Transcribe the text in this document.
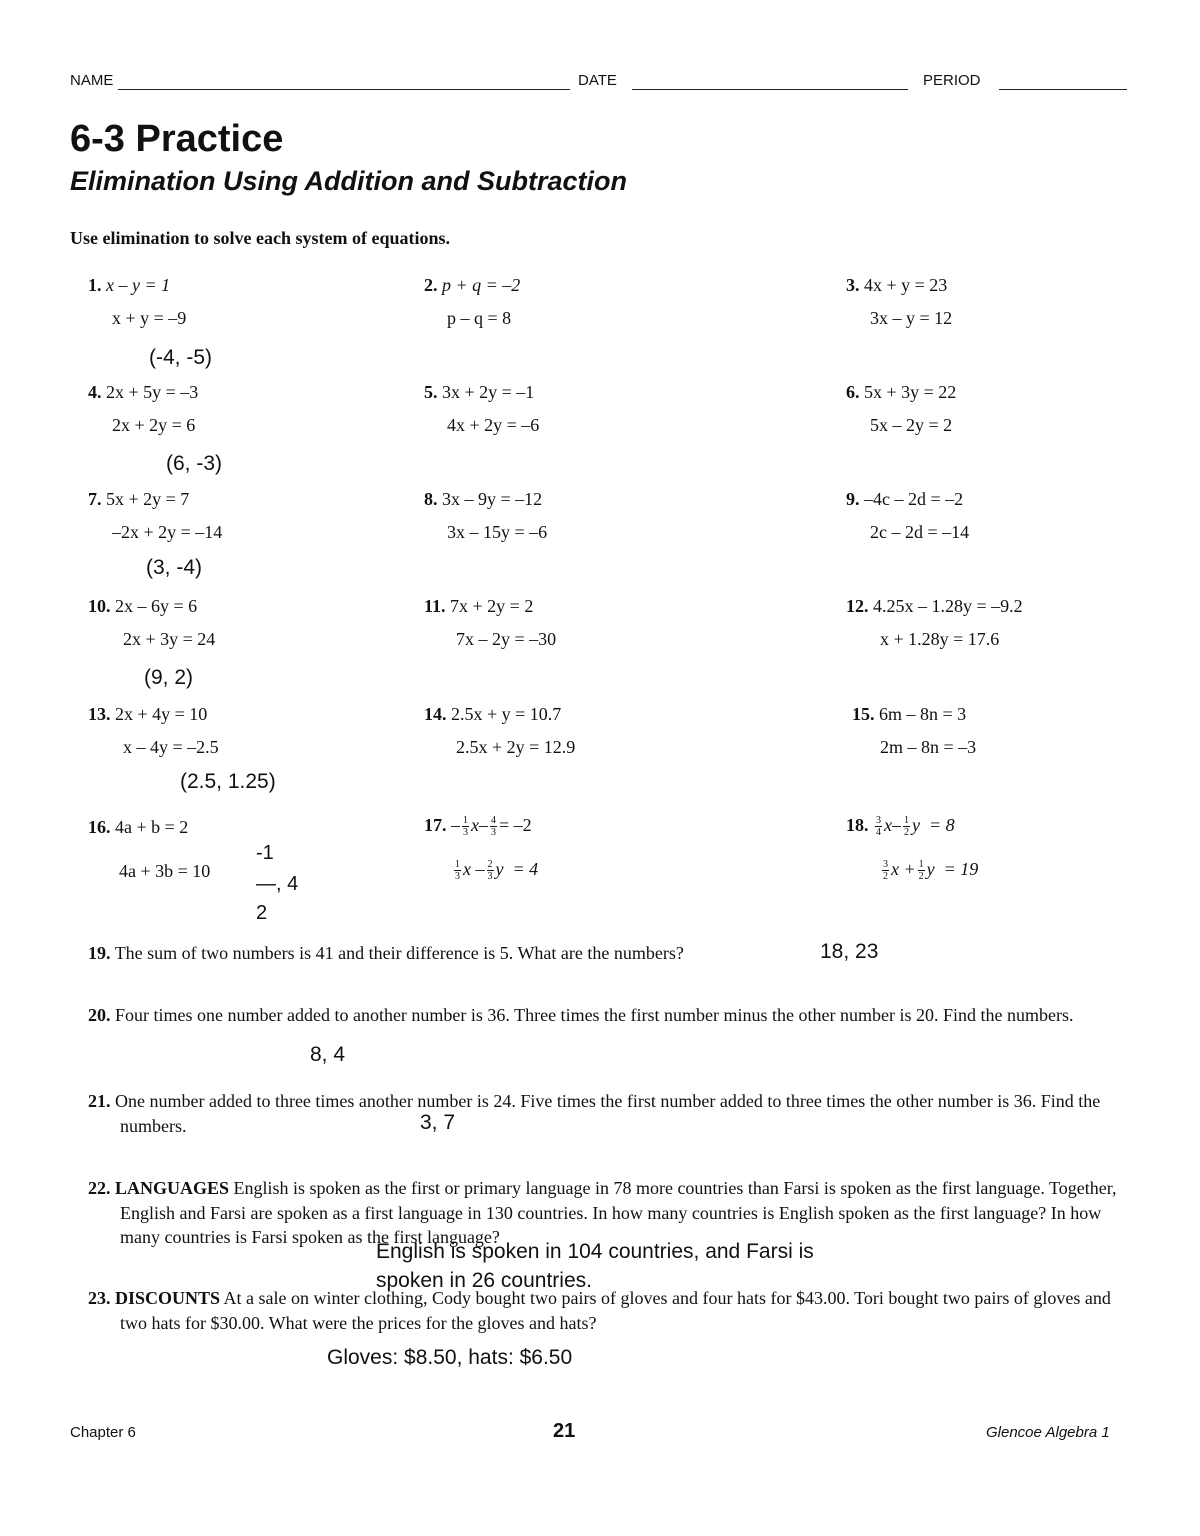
NAME	DATE	PERIOD
6-3 Practice
Elimination Using Addition and Subtraction
Use elimination to solve each system of equations.
1. x – y = 1
x + y = –9
(-4, -5)
2. p + q = –2
p – q = 8
3. 4x + y = 23
3x – y = 12
4. 2x + 5y = –3
2x + 2y = 6
(6, -3)
5. 3x + 2y = –1
4x + 2y = –6
6. 5x + 3y = 22
5x – 2y = 2
7. 5x + 2y = 7
–2x + 2y = –14
(3, -4)
8. 3x – 9y = –12
3x – 15y = –6
9. –4c – 2d = –2
2c – 2d = –14
10. 2x – 6y = 6
2x + 3y = 24
(9, 2)
11. 7x + 2y = 2
7x – 2y = –30
12. 4.25x – 1.28y = –9.2
x + 1.28y = 17.6
13. 2x + 4y = 10
x – 4y = –2.5
(2.5, 1.25)
14. 2.5x + y = 10.7
2.5x + 2y = 12.9
15. 6m – 8n = 3
2m – 8n = –3
16. 4a + b = 2
4a + 3b = 10
-1
—, 4
2
17. – $\frac{1}{3} x- \frac{4}{3} = -2$
$\frac{1}{3}$ x – $\frac{2}{3}$ y  = 4
18. $\frac{3}{4} x- \frac{1}{2}$ y  = 8
$\frac{3}{2}$ $x + \frac{1}{2}$ y  = 19
19. The sum of two numbers is 41 and their difference is 5. What are the numbers?	18, 23
20. Four times one number added to another number is 36. Three times the first number minus the other number is 20. Find the numbers.
8, 4
21. One number added to three times another number is 24. Five times the first number added to three times the other number is 36. Find the numbers.	3, 7
22. LANGUAGES English is spoken as the first or primary language in 78 more countries than Farsi is spoken as the first language. Together, English and Farsi are spoken as a first language in 130 countries. In how many countries is English spoken as the first language? In how many countries is Farsi spoken as the first language?
English is spoken in 104 countries, and Farsi is
spoken in 26 countries.
23. DISCOUNTS At a sale on winter clothing, Cody bought two pairs of gloves and four hats for $43.00. Tori bought two pairs of gloves and two hats for $30.00. What were the prices for the gloves and hats?
Gloves: $8.50, hats: $6.50
Chapter 6	21	Glencoe Algebra 1
